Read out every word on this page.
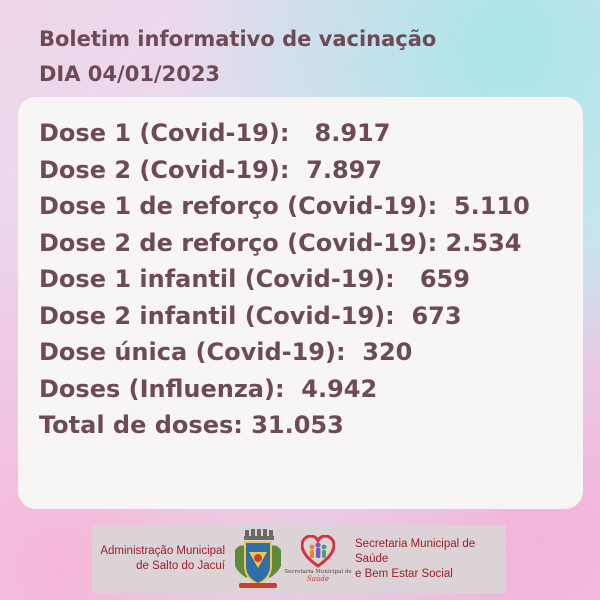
Boletim informativo de vacinação
DIA 04/01/2023
Dose 1 (Covid-19):   8.917
Dose 2 (Covid-19):  7.897
Dose 1 de reforço (Covid-19):  5.110
Dose 2 de reforço (Covid-19): 2.534
Dose 1 infantil (Covid-19):   659
Dose 2 infantil (Covid-19):  673
Dose única (Covid-19):  320
Doses (Influenza):  4.942
Total de doses: 31.053
Administração Municipal
de Salto do Jacuí	Secretaria Municipal de
Saúde
Secretaria Municipal de Saúde
e Bem Estar Social
